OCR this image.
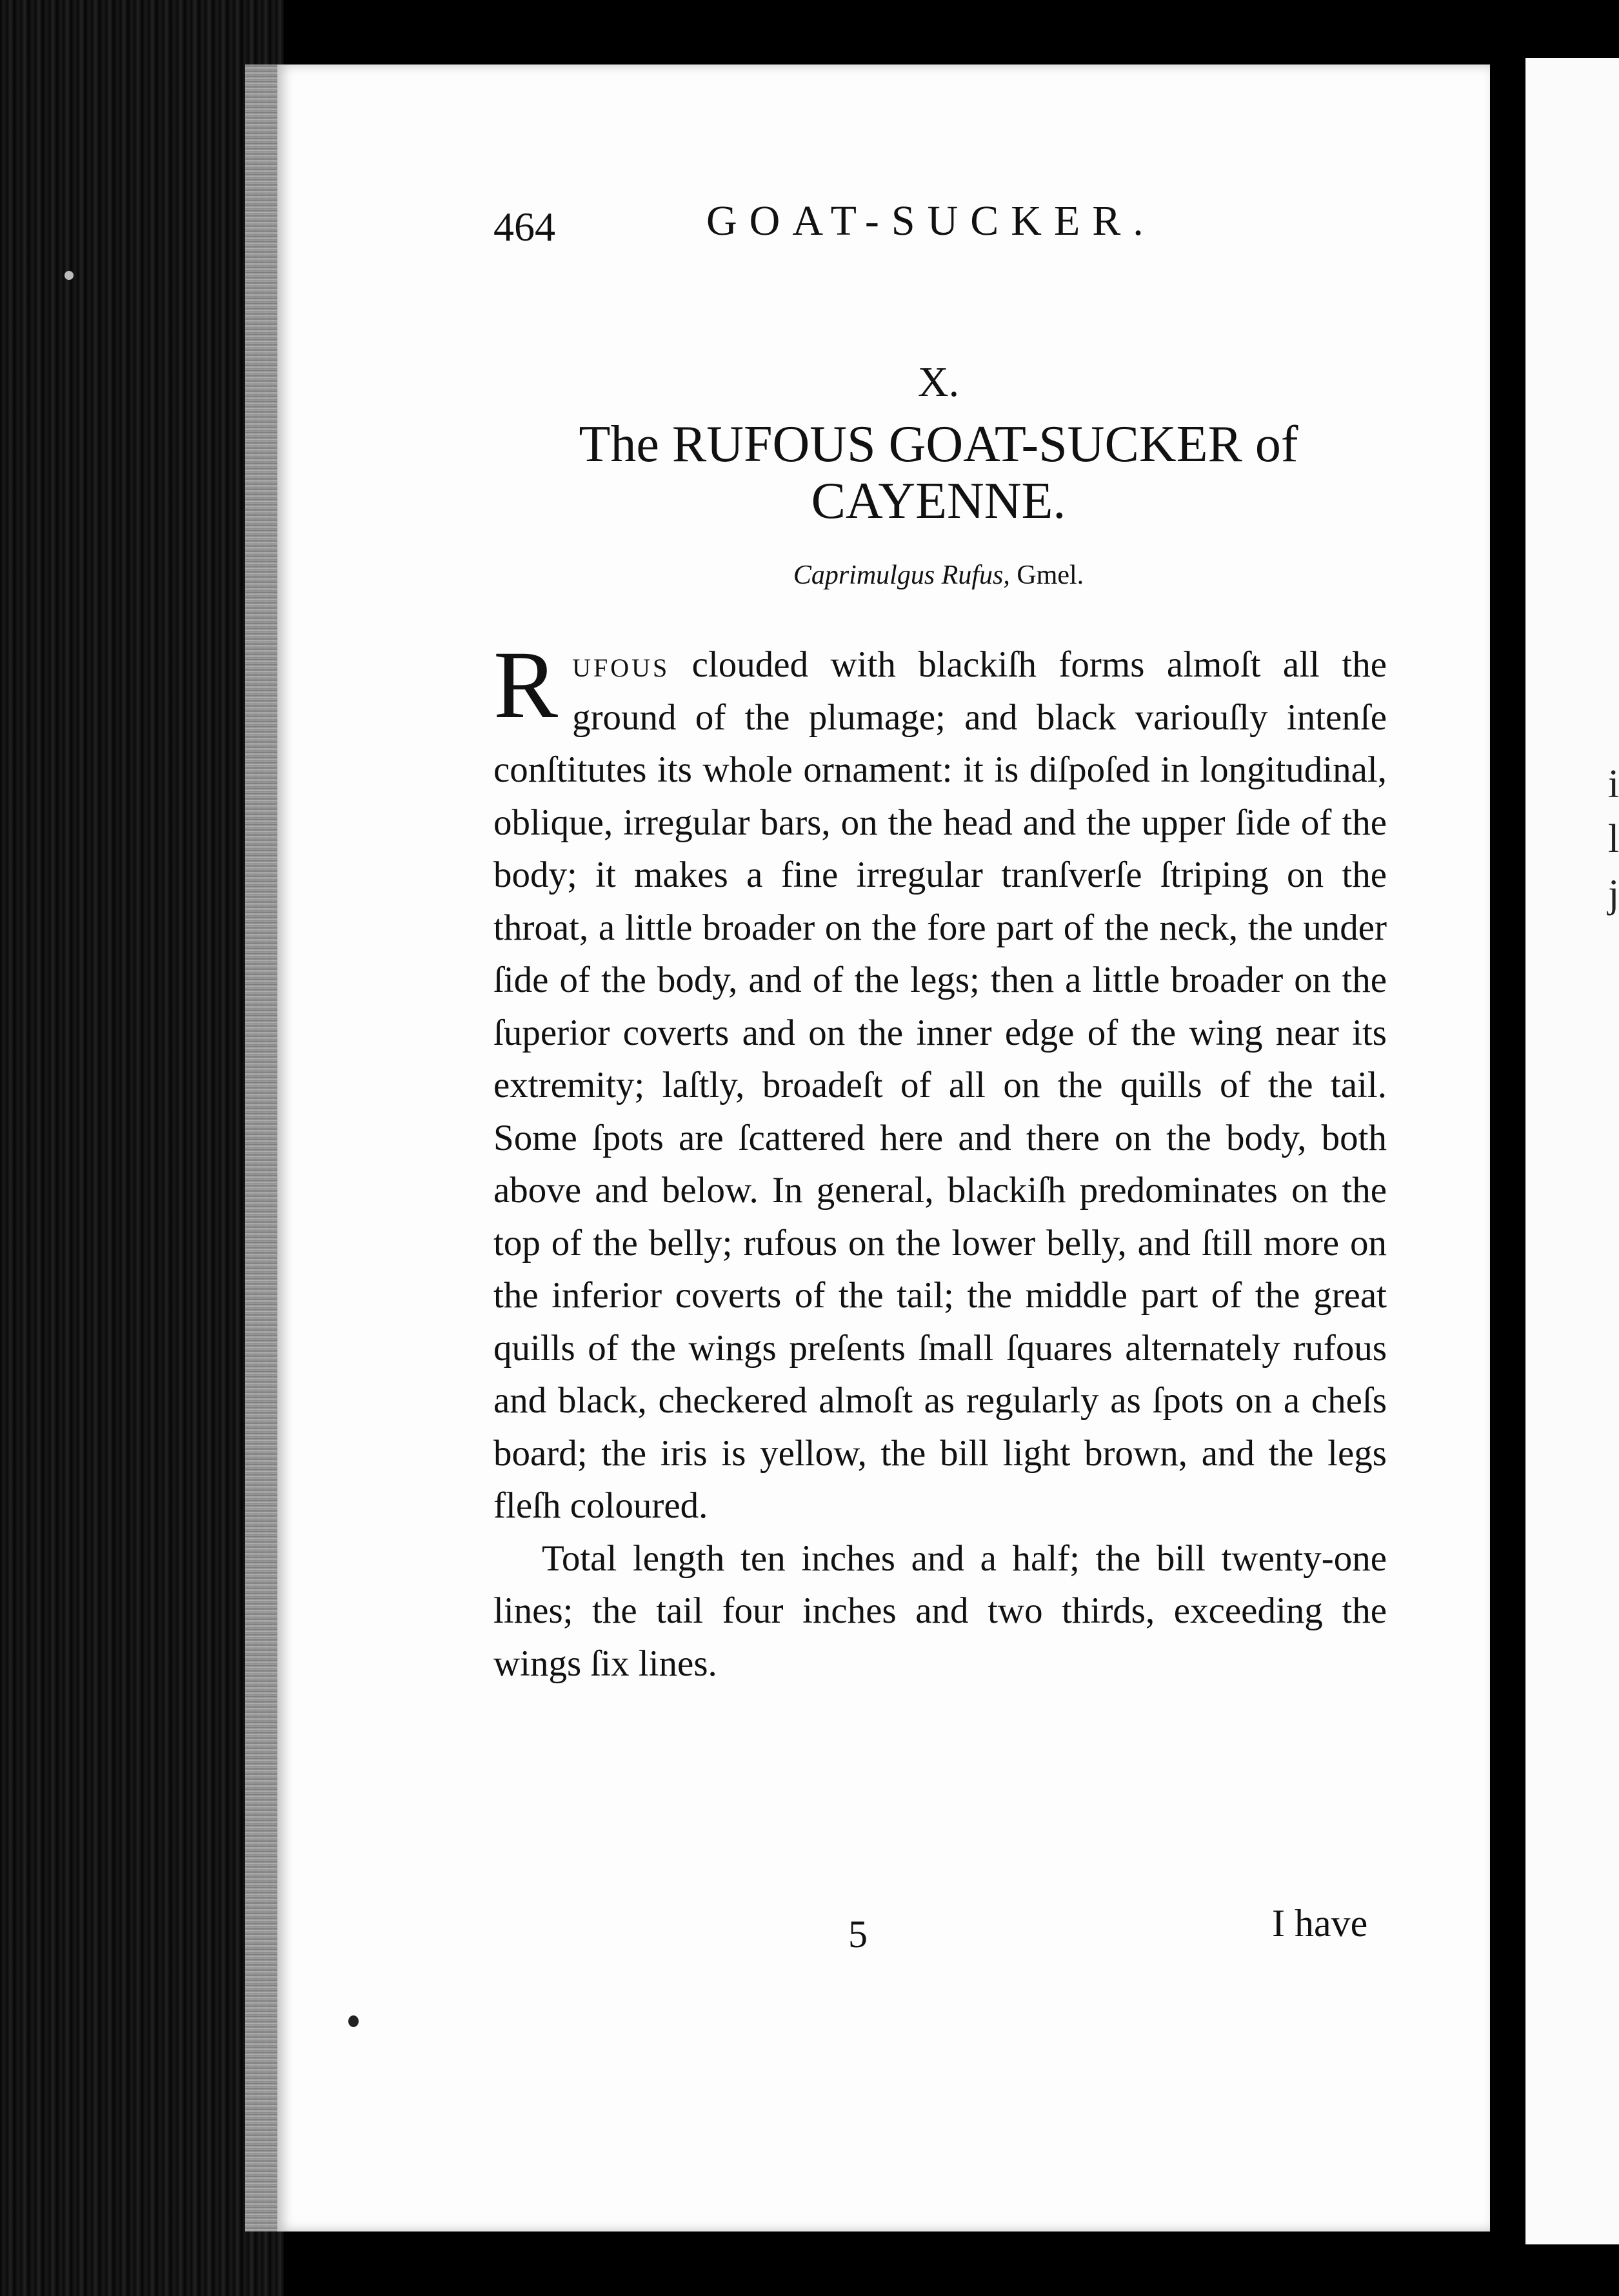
i
l
j
464	GOAT-SUCKER.
X.
The RUFOUS GOAT-SUCKER of
CAYENNE.
Caprimulgus Rufus, Gmel.

Rufous clouded with blackiſh forms almoſt all the ground of the plumage; and black variouſly intenſe conſtitutes its whole ornament: it is diſpoſed in longitudinal, oblique, irregular bars, on the head and the upper ſide of the body; it makes a fine irregular tranſverſe ſtriping on the throat, a little broader on the fore part of the neck, the under ſide of the body, and of the legs; then a little broader on the ſuperior coverts and on the inner edge of the wing near its extremity; laſtly, broadeſt of all on the quills of the tail. Some ſpots are ſcattered here and there on the body, both above and below. In general, blackiſh predominates on the top of the belly; rufous on the lower belly, and ſtill more on the inferior coverts of the tail; the middle part of the great quills of the wings preſents ſmall ſquares alternately rufous and black, checkered almoſt as regularly as ſpots on a cheſs board; the iris is yellow, the bill light brown, and the legs fleſh coloured.

Total length ten inches and a half; the bill twenty-one lines; the tail four inches and two thirds, exceeding the wings ſix lines.

5	I have
